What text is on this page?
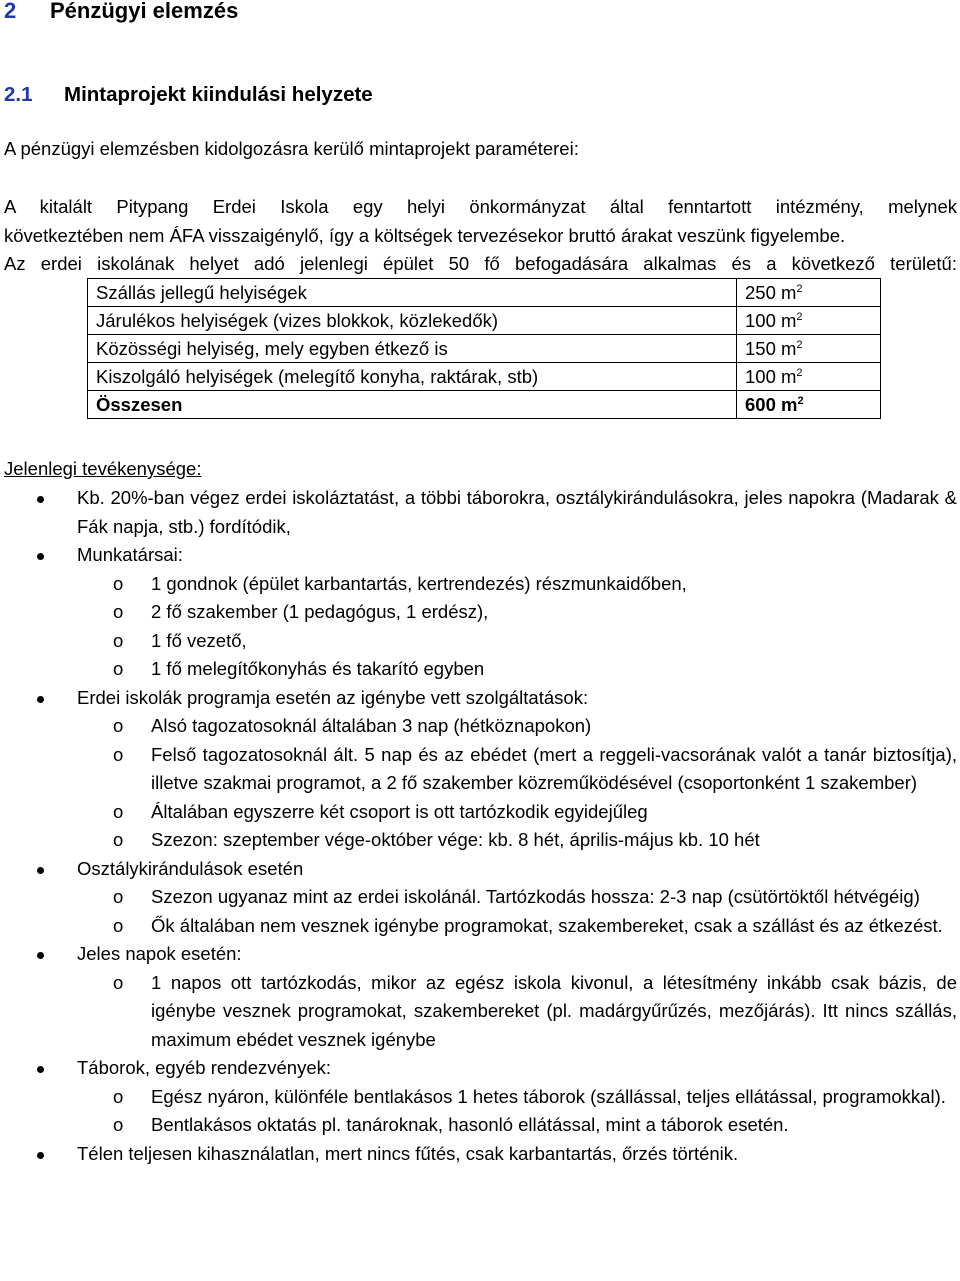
2 Pénzügyi elemzés
2.1 Mintaprojekt kiindulási helyzete
A pénzügyi elemzésben kidolgozásra kerülő mintaprojekt paraméterei:
A kitalált Pitypang Erdei Iskola egy helyi önkormányzat által fenntartott intézmény, melynek
következtében nem ÁFA visszaigénylő, így a költségek tervezésekor bruttó árakat veszünk figyelembe.
Az erdei iskolának helyet adó jelenlegi épület 50 fő befogadására alkalmas és a következő területű:
Szállás jellegű helyiségek	250 $m^2$
Járulékos helyiségek (vizes blokkok, közlekedők)	100 $m^2$
Közösségi helyiség, mely egyben étkező is	150 $m^2$
Kiszolgáló helyiségek (melegítő konyha, raktárak, stb)	100 $m^2$
Összesen	600 $m^2$
Jelenlegi tevékenysége:
Kb. 20%-ban végez erdei iskoláztatást, a többi táborokra, osztálykirándulásokra, jeles napokra (Madarak & Fák napja, stb.) fordítódik,
Munkatársai:
o 1 gondnok (épület karbantartás, kertrendezés) részmunkaidőben,
o 2 fő szakember (1 pedagógus, 1 erdész),
o 1 fő vezető,
o 1 fő melegítőkonyhás és takarító egyben
Erdei iskolák programja esetén az igénybe vett szolgáltatások:
o Alsó tagozatosoknál általában 3 nap (hétköznapokon)
o Felső tagozatosoknál ált. 5 nap és az ebédet (mert a reggeli-vacsorának valót a tanár biztosítja), illetve szakmai programot, a 2 fő szakember közreműködésével (csoportonként 1 szakember)
o Általában egyszerre két csoport is ott tartózkodik egyidejűleg
o Szezon: szeptember vége-október vége: kb. 8 hét, április-május kb. 10 hét
Osztálykirándulások esetén
o Szezon ugyanaz mint az erdei iskolánál. Tartózkodás hossza: 2-3 nap (csütörtöktől hétvégéig)
o Ők általában nem vesznek igénybe programokat, szakembereket, csak a szállást és az étkezést.
Jeles napok esetén:
o 1 napos ott tartózkodás, mikor az egész iskola kivonul, a létesítmény inkább csak bázis, de igénybe vesznek programokat, szakembereket (pl. madárgyűrűzés, mezőjárás). Itt nincs szállás, maximum ebédet vesznek igénybe
Táborok, egyéb rendezvények:
o Egész nyáron, különféle bentlakásos 1 hetes táborok (szállással, teljes ellátással, programokkal).
o Bentlakásos oktatás pl. tanároknak, hasonló ellátással, mint a táborok esetén.
Télen teljesen kihasználatlan, mert nincs fűtés, csak karbantartás, őrzés történik.
